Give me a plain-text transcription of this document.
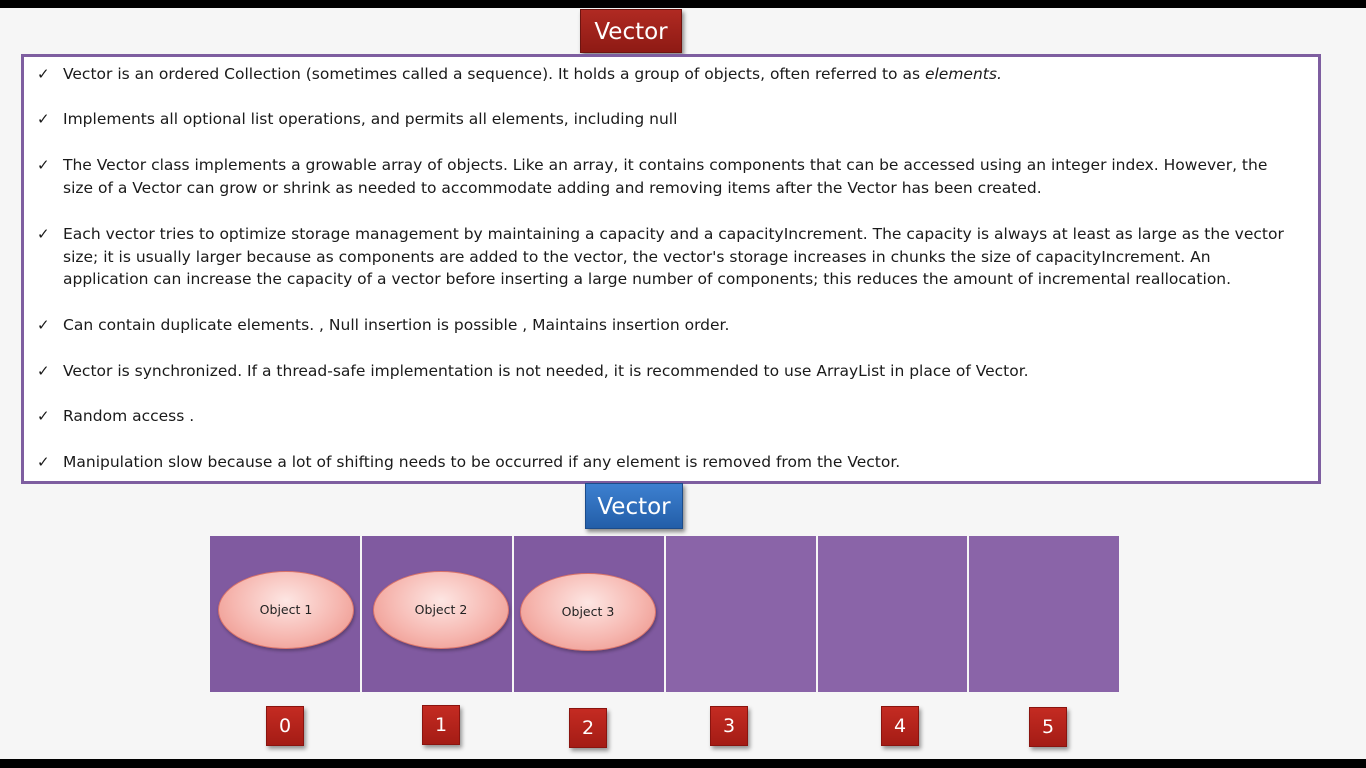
Vector
✓ Vector is an ordered Collection (sometimes called a sequence). It holds a group of objects, often referred to as elements.
✓ Implements all optional list operations, and permits all elements, including null
✓ The Vector class implements a growable array of objects. Like an array, it contains components that can be accessed using an integer index. However, the size of a Vector can grow or shrink as needed to accommodate adding and removing items after the Vector has been created.
✓ Each vector tries to optimize storage management by maintaining a capacity and a capacityIncrement. The capacity is always at least as large as the vector size; it is usually larger because as components are added to the vector, the vector's storage increases in chunks the size of capacityIncrement. An application can increase the capacity of a vector before inserting a large number of components; this reduces the amount of incremental reallocation.
✓ Can contain duplicate elements. , Null insertion is possible , Maintains insertion order.
✓ Vector is synchronized. If a thread-safe implementation is not needed, it is recommended to use ArrayList in place of Vector.
✓ Random access .
✓ Manipulation slow because a lot of shifting needs to be occurred if any element is removed from the Vector.
Vector
Object 1	Object 2	Object 3
0	1	2	3	4	5
